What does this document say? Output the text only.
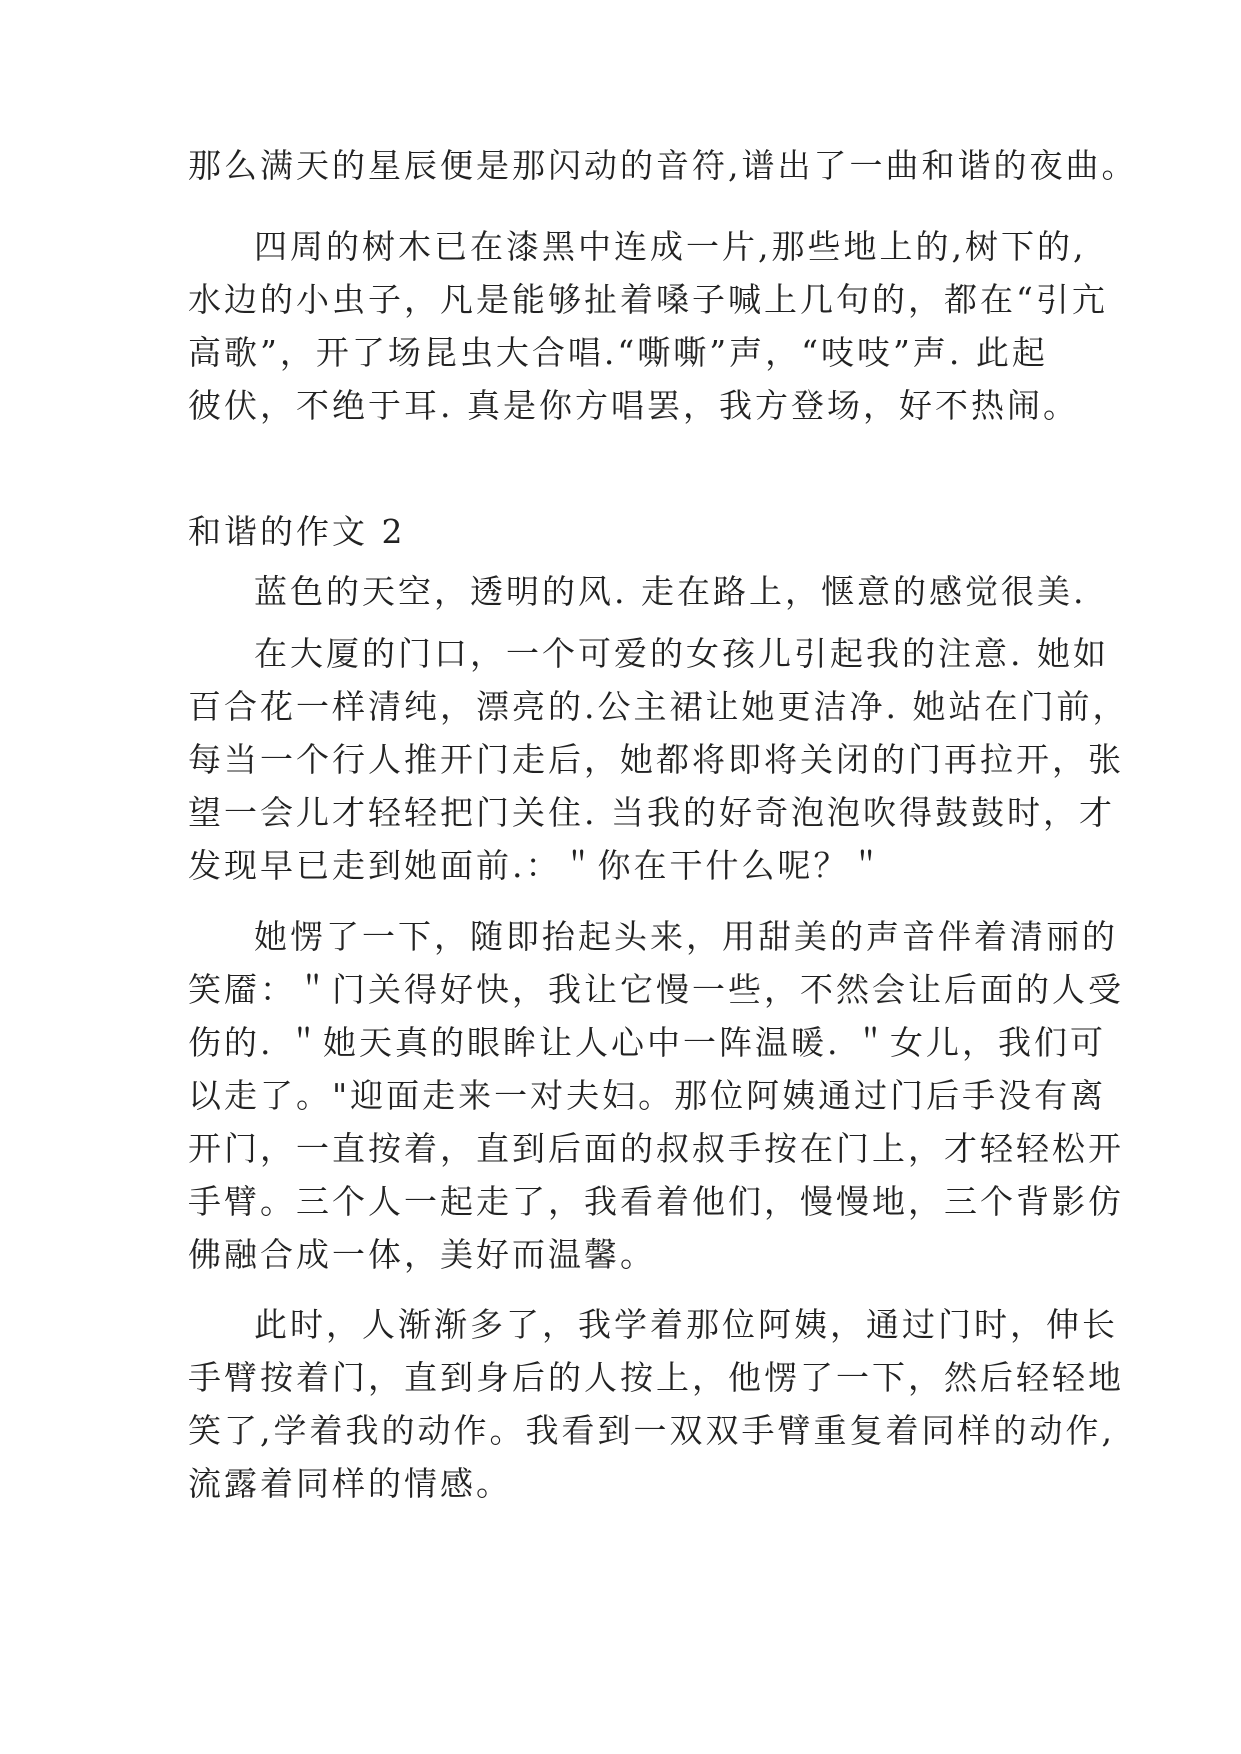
那么满天的星辰便是那闪动的音符,谱出了一曲和谐的夜曲。
四周的树木已在漆黑中连成一片,那些地上的,树下的,
水边的小虫子，凡是能够扯着嗓子喊上几句的，都在“引亢
高歌”，开了场昆虫大合唱.“嘶嘶”声，“吱吱”声. 此起
彼伏，不绝于耳. 真是你方唱罢，我方登场，好不热闹。
和谐的作文 2
蓝色的天空，透明的风. 走在路上，惬意的感觉很美.
在大厦的门口，一个可爱的女孩儿引起我的注意. 她如
百合花一样清纯，漂亮的.公主裙让她更洁净. 她站在门前，
每当一个行人推开门走后，她都将即将关闭的门再拉开，张
望一会儿才轻轻把门关住. 当我的好奇泡泡吹得鼓鼓时，才
发现早已走到她面前.：＂你在干什么呢？＂
她愣了一下，随即抬起头来，用甜美的声音伴着清丽的
笑靥：＂门关得好快，我让它慢一些，不然会让后面的人受
伤的. ＂她天真的眼眸让人心中一阵温暖. ＂女儿，我们可
以走了。"迎面走来一对夫妇。那位阿姨通过门后手没有离
开门，一直按着，直到后面的叔叔手按在门上，才轻轻松开
手臂。三个人一起走了，我看着他们，慢慢地，三个背影仿
佛融合成一体，美好而温馨。
此时，人渐渐多了，我学着那位阿姨，通过门时，伸长
手臂按着门，直到身后的人按上，他愣了一下，然后轻轻地
笑了,学着我的动作。我看到一双双手臂重复着同样的动作,
流露着同样的情感。
